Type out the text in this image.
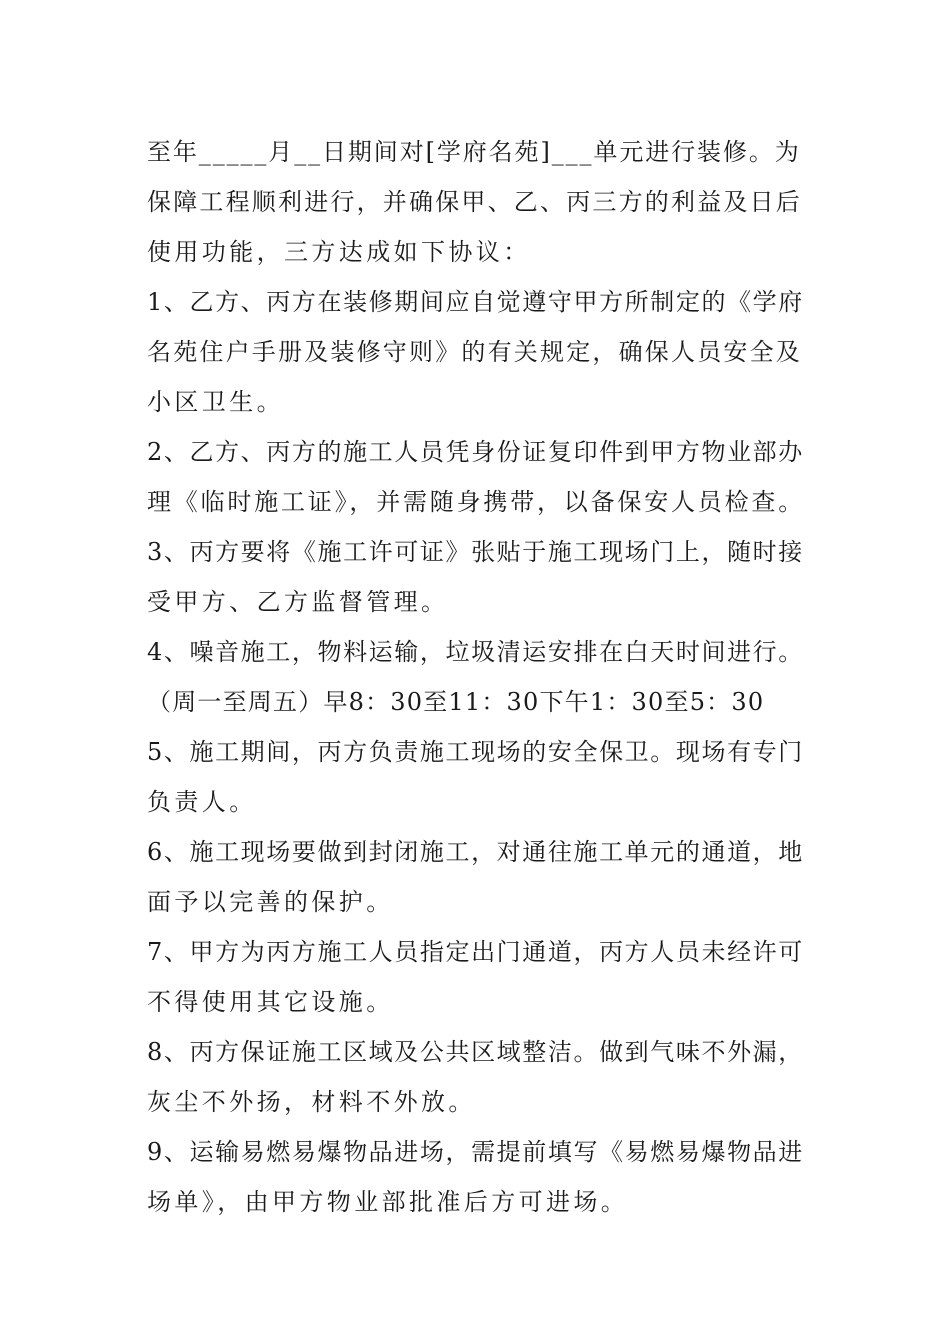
至年_____月__日期间对[学府名苑]___单元进行装修。为
保障工程顺利进行，并确保甲、乙、丙三方的利益及日后
使用功能，三方达成如下协议：
1、乙方、丙方在装修期间应自觉遵守甲方所制定的《学府
名苑住户手册及装修守则》的有关规定，确保人员安全及
小区卫生。
2、乙方、丙方的施工人员凭身份证复印件到甲方物业部办
理《临时施工证》，并需随身携带，以备保安人员检查。
3、丙方要将《施工许可证》张贴于施工现场门上，随时接
受甲方、乙方监督管理。
4、噪音施工，物料运输，垃圾清运安排在白天时间进行。
（周一至周五）早8：30至11：30下午1：30至5：30
5、施工期间，丙方负责施工现场的安全保卫。现场有专门
负责人。
6、施工现场要做到封闭施工，对通往施工单元的通道，地
面予以完善的保护。
7、甲方为丙方施工人员指定出门通道，丙方人员未经许可
不得使用其它设施。
8、丙方保证施工区域及公共区域整洁。做到气味不外漏，
灰尘不外扬，材料不外放。
9、运输易燃易爆物品进场，需提前填写《易燃易爆物品进
场单》，由甲方物业部批准后方可进场。
